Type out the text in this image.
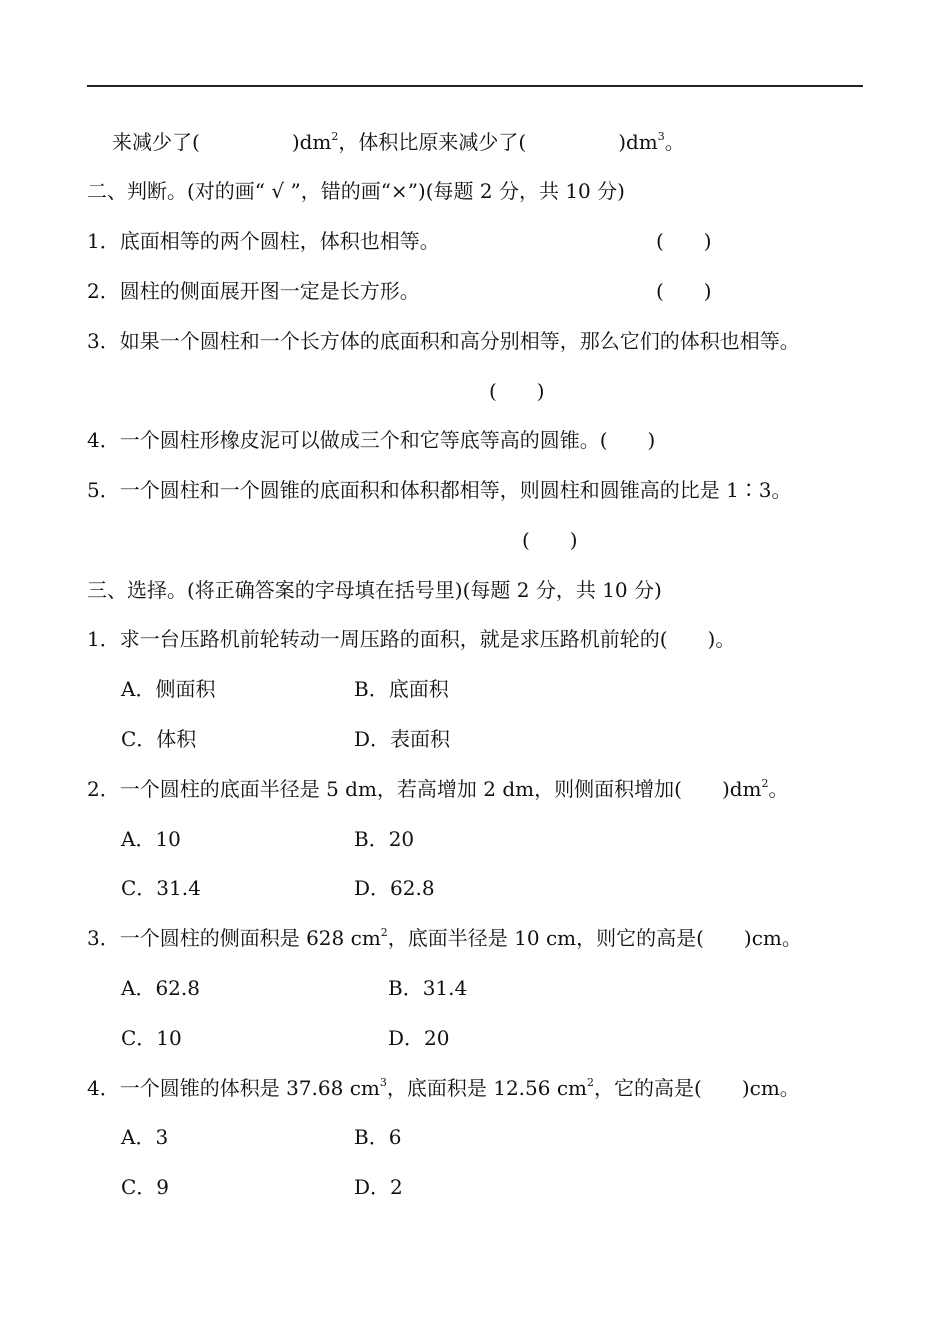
来减少了(	)$dm^2$，体积比原来减少了(	)$dm^3$。
二、判断。(对的画“ √ ”，错的画“×”)(每题 2 分，共 10 分)
1．底面相等的两个圆柱，体积也相等。	(　　)
2．圆柱的侧面展开图一定是长方形。	(　　)
3．如果一个圆柱和一个长方体的底面积和高分别相等，那么它们的体积也相等。
(　　)
4．一个圆柱形橡皮泥可以做成三个和它等底等高的圆锥。(　　)
5．一个圆柱和一个圆锥的底面积和体积都相等，则圆柱和圆锥高的比是 1∶3。
(　　)
三、选择。(将正确答案的字母填在括号里)(每题 2 分，共 10 分)
1．求一台压路机前轮转动一周压路的面积，就是求压路机前轮的(　　)。
A．侧面积	B．底面积
C．体积	D．表面积
2．一个圆柱的底面半径是 5 dm，若高增加 2 dm，则侧面积增加(　　)$dm^2$。
A．10	B．20
C．31.4	D．62.8
3．一个圆柱的侧面积是 628 $cm^2$，底面半径是 10 cm，则它的高是(　　)cm。
A．62.8	B．31.4
C．10	D．20
4．一个圆锥的体积是 37.68 $cm^3$，底面积是 12.56 $cm^2$，它的高是(　　)cm。
A．3	B．6
C．9	D．2
